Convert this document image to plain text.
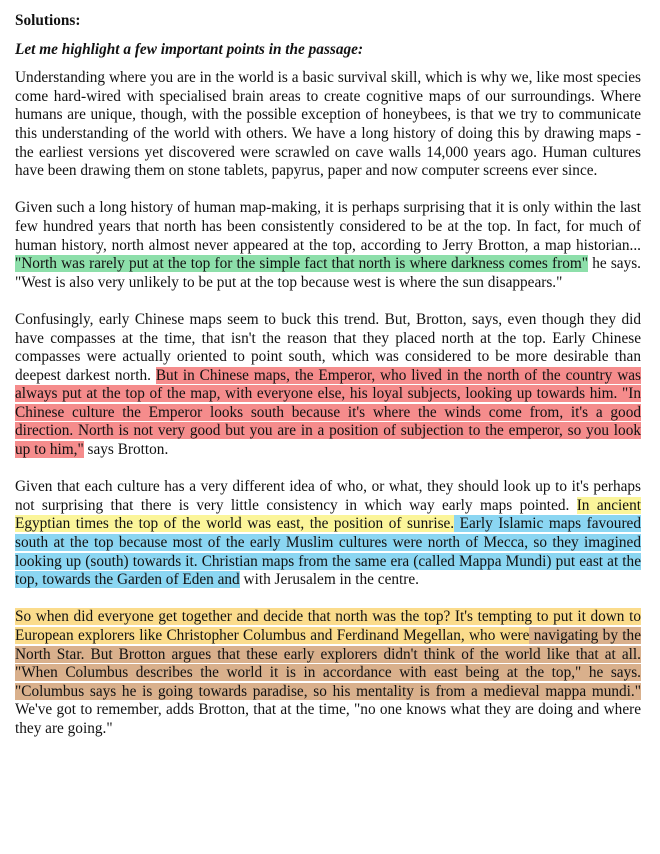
Solutions:
Let me highlight a few important points in the passage:

Understanding where you are in the world is a basic survival skill, which is why we, like most species come hard-wired with specialised brain areas to create cognitive maps of our surroundings. Where humans are unique, though, with the possible exception of honeybees, is that we try to communicate this understanding of the world with others. We have a long history of doing this by drawing maps - the earliest versions yet discovered were scrawled on cave walls 14,000 years ago. Human cultures have been drawing them on stone tablets, papyrus, paper and now computer screens ever since.

Given such a long history of human map-making, it is perhaps surprising that it is only within the last few hundred years that north has been consistently considered to be at the top. In fact, for much of human history, north almost never appeared at the top, according to Jerry Brotton, a map historian... "North was rarely put at the top for the simple fact that north is where darkness comes from" he says. "West is also very unlikely to be put at the top because west is where the sun disappears."

Confusingly, early Chinese maps seem to buck this trend. But, Brotton, says, even though they did have compasses at the time, that isn't the reason that they placed north at the top. Early Chinese compasses were actually oriented to point south, which was considered to be more desirable than deepest darkest north. But in Chinese maps, the Emperor, who lived in the north of the country was always put at the top of the map, with everyone else, his loyal subjects, looking up towards him. "In Chinese culture the Emperor looks south because it's where the winds come from, it's a good direction. North is not very good but you are in a position of subjection to the emperor, so you look up to him," says Brotton.

Given that each culture has a very different idea of who, or what, they should look up to it's perhaps not surprising that there is very little consistency in which way early maps pointed. In ancient Egyptian times the top of the world was east, the position of sunrise. Early Islamic maps favoured south at the top because most of the early Muslim cultures were north of Mecca, so they imagined looking up (south) towards it. Christian maps from the same era (called Mappa Mundi) put east at the top, towards the Garden of Eden and with Jerusalem in the centre.

So when did everyone get together and decide that north was the top? It's tempting to put it down to European explorers like Christopher Columbus and Ferdinand Megellan, who were navigating by the North Star. But Brotton argues that these early explorers didn't think of the world like that at all. "When Columbus describes the world it is in accordance with east being at the top," he says. "Columbus says he is going towards paradise, so his mentality is from a medieval mappa mundi." We've got to remember, adds Brotton, that at the time, "no one knows what they are doing and where they are going."
